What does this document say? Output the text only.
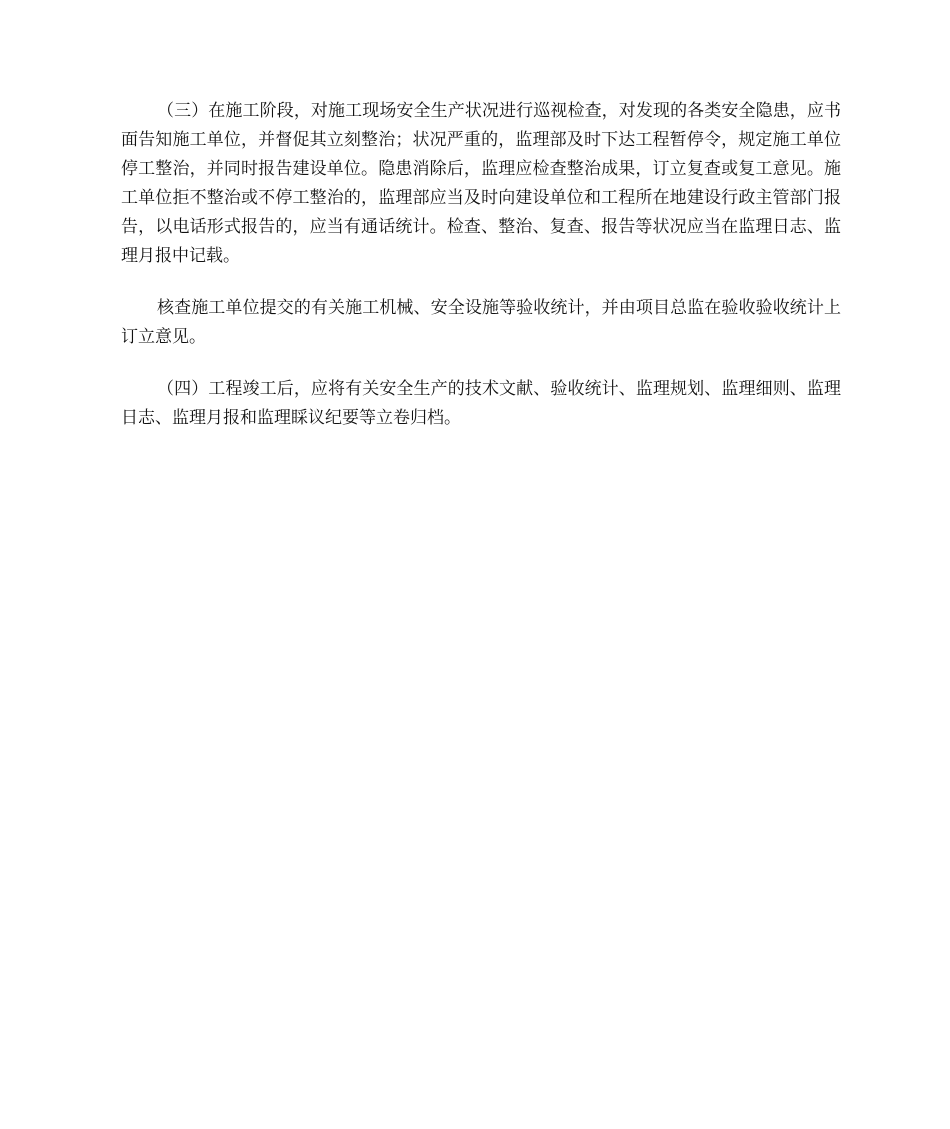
（三）在施工阶段，对施工现场安全生产状况进行巡视检查，对发现的各类安全隐患，应书面告知施工单位，并督促其立刻整治；状况严重的，监理部及时下达工程暂停令，规定施工单位停工整治，并同时报告建设单位。隐患消除后，监理应检查整治成果，订立复查或复工意见。施工单位拒不整治或不停工整治的，监理部应当及时向建设单位和工程所在地建设行政主管部门报告，以电话形式报告的，应当有通话统计。检查、整治、复查、报告等状况应当在监理日志、监理月报中记载。

核查施工单位提交的有关施工机械、安全设施等验收统计，并由项目总监在验收验收统计上订立意见。

（四）工程竣工后，应将有关安全生产的技术文献、验收统计、监理规划、监理细则、监理日志、监理月报和监理睬议纪要等立卷归档。
